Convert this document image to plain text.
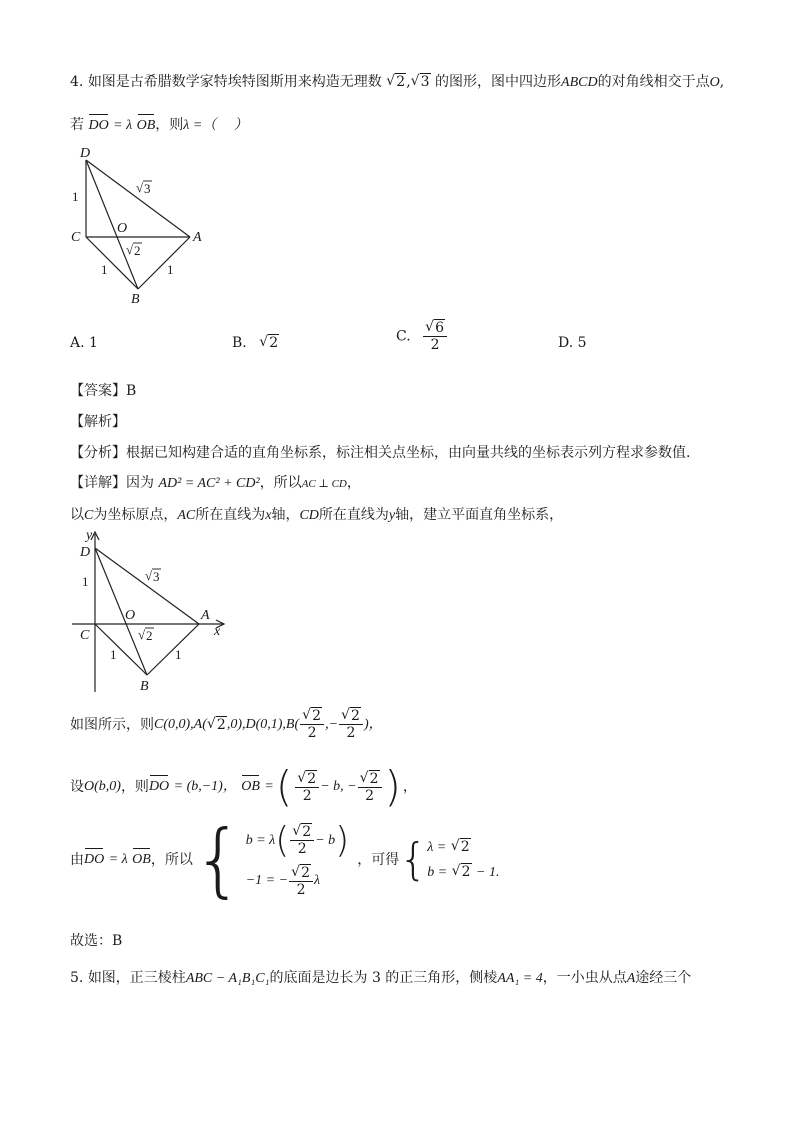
4. 如图是古希腊数学家特埃特图斯用来构造无理数 √ 2, √ 3 的图形，图中四边形ABCD的对角线相交于点O,
若 DO = λ OB，则λ =（　 ）
D
C
O
A
B
1
√ 3
√ 2
1	1
A. 1	B. √ 2	C. √ $\frac{6}{2}$	D. 5
【答案】B
【解析】
【分析】根据已知构建合适的直角坐标系，标注相关点坐标，由向量共线的坐标表示列方程求参数值.
【详解】因为 AD² = AC² + CD²，所以AC ⊥ CD，
以C为坐标原点，AC所在直线为x轴，CD所在直线为y轴，建立平面直角坐标系，
y
x
D
C
O	A
B
1	√ 3
√ 2
1	1
如图所示，则 C(0,0), A( √ 2 ,0), D(0,1), B( √ $\frac{2}{2}$ ,− √ $\frac{2}{2}$ )，
设 O(b,0) ，则 DO
= (b,−1)，
OB
= ( √ $\frac{2}{2} - b$, − √ $\frac{2}{2}$ ) ，
由 DO
= λ
OB ，所以 { b = λ ( √ $\frac{2}{2} - b$ )
−1 = − √ $\frac{2}{2}$ λ
，可得 { λ = √ 2
b = √ 2 − 1.
故选：B
5. 如图，正三棱柱ABC − A₁B₁C₁的底面是边长为 3 的正三角形，侧棱AA₁ = 4，一小虫从点A途经三个
